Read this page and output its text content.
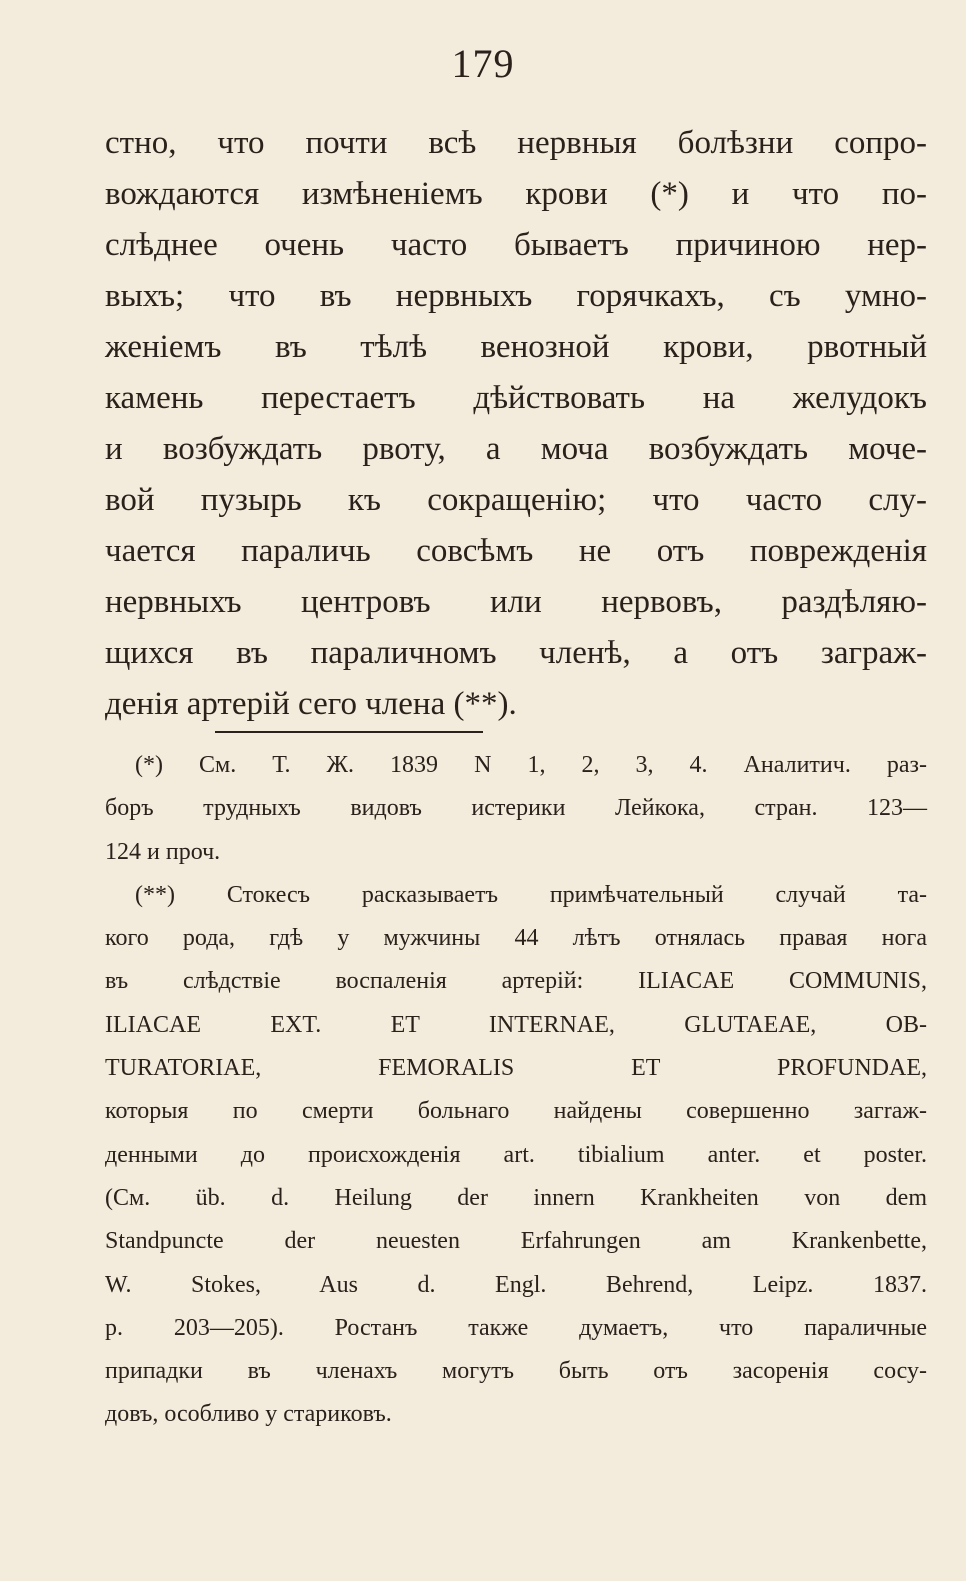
179
стно, что почти всѣ нервныя болѣзни сопро-
вождаются измѣненіемъ крови (*) и что по-
слѣднее очень часто бываетъ причиною нер-
выхъ; что въ нервныхъ горячкахъ, съ умно-
женіемъ въ тѣлѣ венозной крови, рвотный
камень перестаетъ дѣйствовать на желудокъ
и возбуждать рвоту, а моча возбуждать моче-
вой пузырь къ сокращенію; что часто слу-
чается параличь совсѣмъ не отъ поврежденія
нервныхъ центровъ или нервовъ, раздѣляю-
щихся въ параличномъ членѣ, а отъ заграж-
денія артерій сего члена (**).
(*) См. Т. Ж. 1839 N 1, 2, 3, 4. Аналитич. раз-
боръ трудныхъ видовъ истерики Лейкока, стран. 123—
124 и проч.
(**) Стокесъ расказываетъ примѣчательный случай та-
кого рода, гдѣ у мужчины 44 лѣтъ отнялась правая нога
въ слѣдствіе воспаленія артерій: ILIACAE COMMUNIS,
ILIACAE EXT. ET INTERNAE, GLUTAEAE, OB-
TURATORIAE, FEMORALIS ET PROFUNDAE,
которыя по смерти больнаго найдены совершенно загraж-
денными до происхожденія art. tibialium anter. et poster.
(См. üb. d. Heilung der innern Krankheiten von dem
Standpuncte der neuesten Erfahrungen am Krankenbette,
W. Stokes, Aus d. Engl. Behrend, Leipz. 1837.
p. 203—205). Ростанъ также думаетъ, что параличные
припадки въ членахъ могутъ быть отъ засоренія сосу-
довъ, особливо у стариковъ.
